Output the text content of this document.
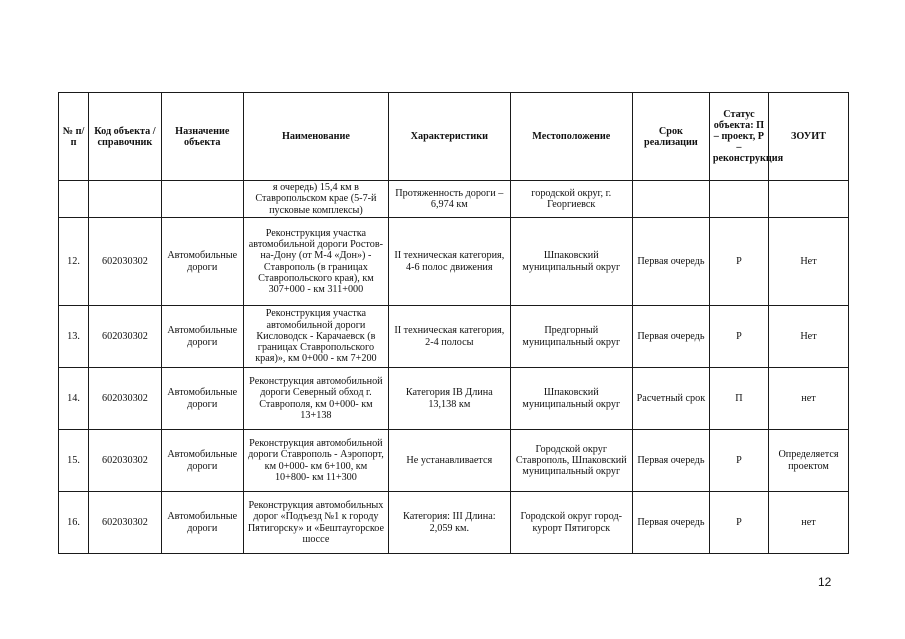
№ п/п	Код объекта / справочник	Назначение объекта	Наименование	Характеристики	Местоположение	Срок реализации	Статус объекта: П – проект, Р – реконструкция	ЗОУИТ
			я очередь) 15,4 км в Ставропольском крае (5-7-й пусковые комплексы)	Протяженность дороги – 6,974 км	городской округ, г. Георгиевск			
12.	602030302	Автомобильные дороги	Реконструкция участка автомобильной дороги Ростов-на-Дону (от М-4 «Дон») - Ставрополь (в границах Ставропольского края), км 307+000 - км 311+000	II техническая категория, 4-6 полос движения	Шпаковский муниципальный округ	Первая очередь	Р	Нет
13.	602030302	Автомобильные дороги	Реконструкция участка автомобильной дороги Кисловодск - Карачаевск (в границах Ставропольского края)», км 0+000 - км 7+200	II техническая категория, 2-4 полосы	Предгорный муниципальный округ	Первая очередь	Р	Нет
14.	602030302	Автомобильные дороги	Реконструкция автомобильной дороги Северный обход г. Ставрополя, км 0+000- км 13+138	Категория IB Длина 13,138 км	Шпаковский муниципальный округ	Расчетный срок	П	нет
15.	602030302	Автомобильные дороги	Реконструкция автомобильной дороги Ставрополь - Аэропорт, км 0+000- км 6+100, км 10+800- км 11+300	Не устанавливается	Городской округ Ставрополь, Шпаковский муниципальный округ	Первая очередь	Р	Определяется проектом
16.	602030302	Автомобильные дороги	Реконструкция автомобильных дорог «Подъезд №1 к городу Пятигорску» и «Бештаугорское шоссе	Категория: III Длина: 2,059 км.	Городской округ город-курорт Пятигорск	Первая очередь	Р	нет
12
